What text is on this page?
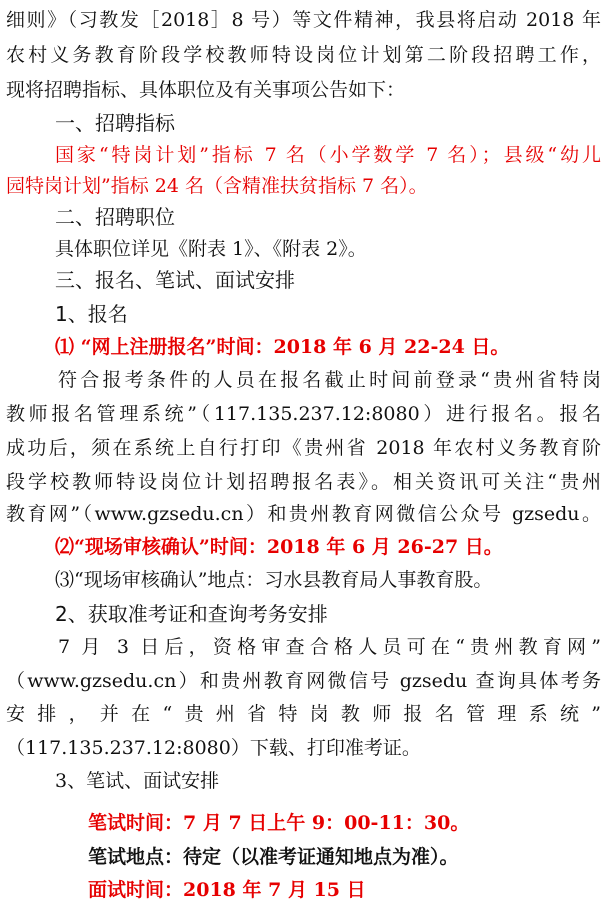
细则》（习教发［2018］8 号）等文件精神，我县将启动 2018 年
农村义务教育阶段学校教师特设岗位计划第二阶段招聘工作，
现将招聘指标、具体职位及有关事项公告如下：
一、招聘指标
国家“特岗计划”指标 7 名（小学数学 7 名）；县级“幼儿
园特岗计划”指标 24 名（含精准扶贫指标 7 名）。
二、招聘职位
具体职位详见《附表 1》、《附表 2》。
三、报名、笔试、面试安排
1、报名
⑴ “网上注册报名”时间：2018 年 6 月 22-24 日。
符合报考条件的人员在报名截止时间前登录“贵州省特岗
教师报名管理系统”（117.135.237.12:8080）进行报名。报名
成功后，须在系统上自行打印《贵州省 2018 年农村义务教育阶
段学校教师特设岗位计划招聘报名表》。相关资讯可关注“贵州
教育网”（www.gzsedu.cn）和贵州教育网微信公众号 gzsedu。
⑵“现场审核确认”时间：2018 年 6 月 26-27 日。
⑶“现场审核确认”地点：习水县教育局人事教育股。
2、获取准考证和查询考务安排
7 月 3 日后，资格审查合格人员可在“贵州教育网”
（www.gzsedu.cn）和贵州教育网微信号 gzsedu 查询具体考务
安排，并在“贵州省特岗教师报名管理系统”
（117.135.237.12:8080）下载、打印准考证。
3、笔试、面试安排
笔试时间：7 月 7 日上午 9：00-11：30。
笔试地点：待定（以准考证通知地点为准）。
面试时间：2018 年 7 月 15 日
